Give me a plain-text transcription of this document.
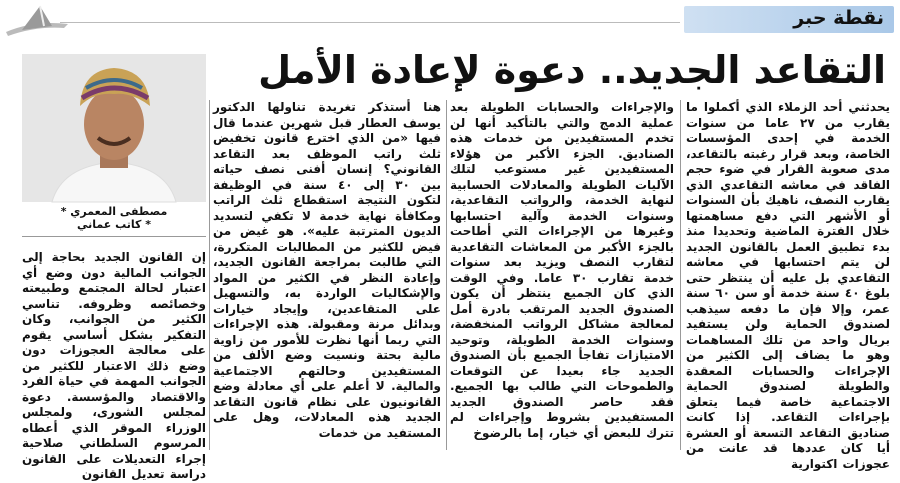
نقطة حبر
التقاعد الجديد.. دعوة لإعادة الأمل
مصطفى المعمري *
* كاتب عماني
يحدثني أحد الزملاء الذي أكملوا ما يقارب من ٢٧ عاما من سنوات الخدمة في إحدى المؤسسات الخاصة، وبعد قرار رغبته بالتقاعد، مدى صعوبة القرار في ضوء حجم الفاقد في معاشه التقاعدي الذي يقارب النصف، ناهيك بأن السنوات أو الأشهر التي دفع مساهمتها خلال الفترة الماضية وتحديدا منذ بدء تطبيق العمل بالقانون الجديد لن يتم احتسابها في معاشه التقاعدي بل عليه أن ينتظر حتى بلوغ ٤٠ سنة خدمة أو سن ٦٠ سنة عمر، وإلا فإن ما دفعه سيذهب لصندوق الحماية ولن يستفيد بريال واحد من تلك المساهمات وهو ما يضاف إلى الكثير من الإجراءات والحسابات المعقدة والطويلة لصندوق الحماية الاجتماعية خاصة فيما يتعلق بإجراءات التقاعد. إذا كانت صناديق التقاعد التسعة أو العشرة أيا كان عددها قد عانت من عجوزات اكتوارية
والإجراءات والحسابات الطويلة بعد عملية الدمج والتي بالتأكيد أنها لن تخدم المستفيدين من خدمات هذه الصناديق. الجزء الأكبر من هؤلاء المستفيدين غير مستوعب لتلك الآليات الطويلة والمعادلات الحسابية لنهاية الخدمة، والرواتب التقاعدية، وسنوات الخدمة وآلية احتسابها وغيرها من الإجراءات التي أطاحت بالجزء الأكبر من المعاشات التقاعدية لتقارب النصف ويزيد بعد سنوات خدمة تقارب ٣٠ عاما. وفي الوقت الذي كان الجميع ينتظر أن يكون الصندوق الجديد المرتقب بادرة أمل لمعالجة مشاكل الرواتب المنخفضة، وسنوات الخدمة الطويلة، وتوحيد الامتيازات تفاجأ الجميع بأن الصندوق الجديد جاء بعيدا عن التوقعات والطموحات التي طالب بها الجميع. فقد حاصر الصندوق الجديد المستفيدين بشروط وإجراءات لم تترك للبعض أي خيار، إما بالرضوخ
هنا أستذكر تغريدة تناولها الدكتور يوسف العطار قبل شهرين عندما قال فيها «من الذي اخترع قانون تخفيض ثلث راتب الموظف بعد التقاعد القانوني؟ إنسان أفنى نصف حياته بين ٣٠ إلى ٤٠ سنة في الوظيفة لتكون النتيجة استقطاع ثلث الراتب ومكافأة نهاية خدمة لا تكفي لتسديد الديون المترتبة عليه». هو غيض من فيض للكثير من المطالبات المتكررة، التي طالبت بمراجعة القانون الجديد، وإعادة النظر في الكثير من المواد والإشكاليات الواردة به، والتسهيل على المتقاعدين، وإيجاد خيارات وبدائل مرنة ومقبولة. هذه الإجراءات التي ربما أنها نظرت للأمور من زاوية مالية بحتة ونسيت وضع الألف من المستفيدين وحالتهم الاجتماعية والمالية. لا أعلم على أي معادلة وضع القانونيون على نظام قانون التقاعد الجديد هذه المعادلات، وهل على المستفيد من خدمات
إن القانون الجديد بحاجة إلى الجوانب المالية دون وضع أي اعتبار لحالة المجتمع وطبيعته وخصائصه وظروفه. تناسي الكثير من الجوانب، وكان التفكير بشكل أساسي يقوم على معالجة العجوزات دون وضع ذلك الاعتبار للكثير من الجوانب المهمة في حياة الفرد والاقتصاد والمؤسسة. دعوة لمجلس الشورى، ولمجلس الوزراء الموقر الذي أعطاه المرسوم السلطاني صلاحية إجراء التعديلات على القانون دراسة تعديل القانون
